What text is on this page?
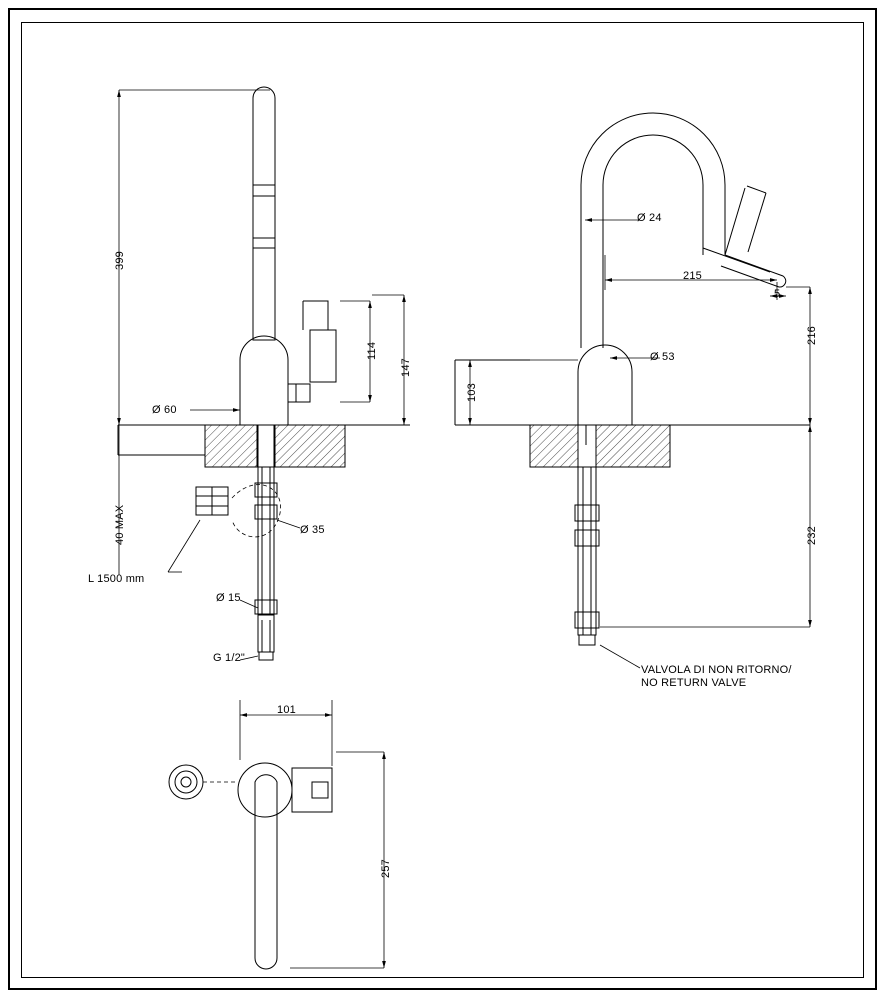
399
114
147
Ø 60
40 MAX	Ø 35
Ø 15
G 1/2"
L 1500 mm
Ø 24
215
5
216
Ø 53
103
232
VALVOLA DI NON RITORNO/
NO RETURN VALVE
101
257
